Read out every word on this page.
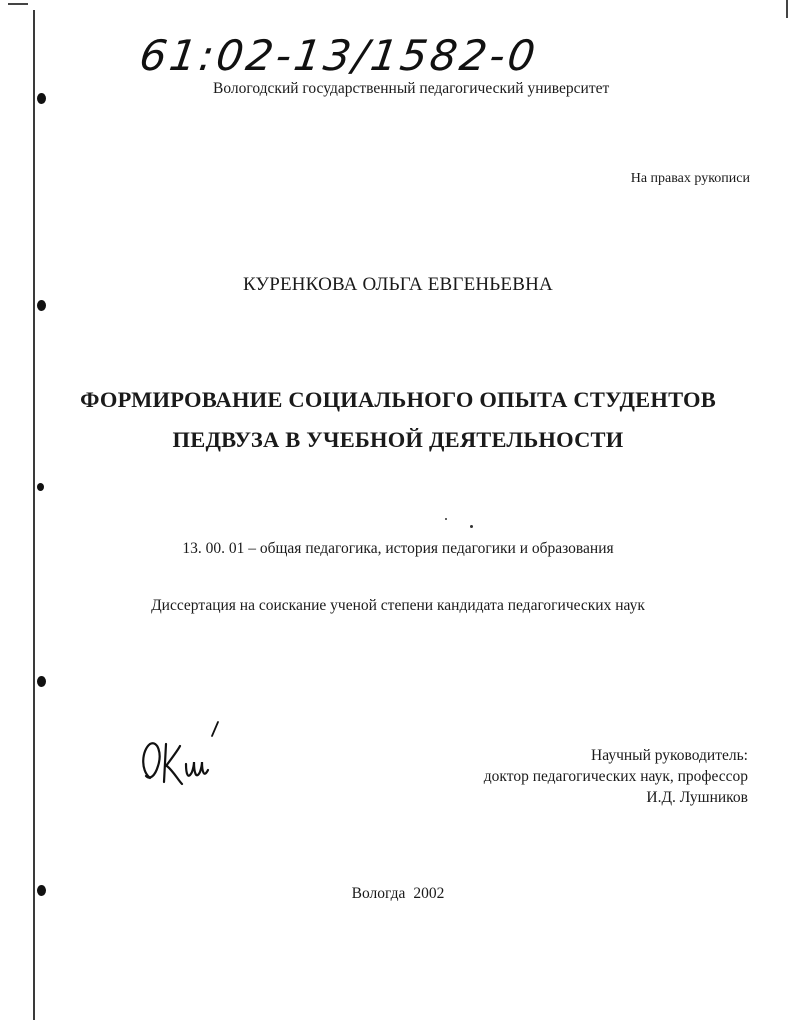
61:02-13/1582-0
Вологодский государственный педагогический университет
На правах рукописи
КУРЕНКОВА ОЛЬГА ЕВГЕНЬЕВНА
ФОРМИРОВАНИЕ СОЦИАЛЬНОГО ОПЫТА СТУДЕНТОВ
ПЕДВУЗА В УЧЕБНОЙ ДЕЯТЕЛЬНОСТИ
13. 00. 01 – общая педагогика, история педагогики и образования
Диссертация на соискание ученой степени кандидата педагогических наук
Научный руководитель:
доктор педагогических наук, профессор
И.Д. Лушников
Вологда 2002
